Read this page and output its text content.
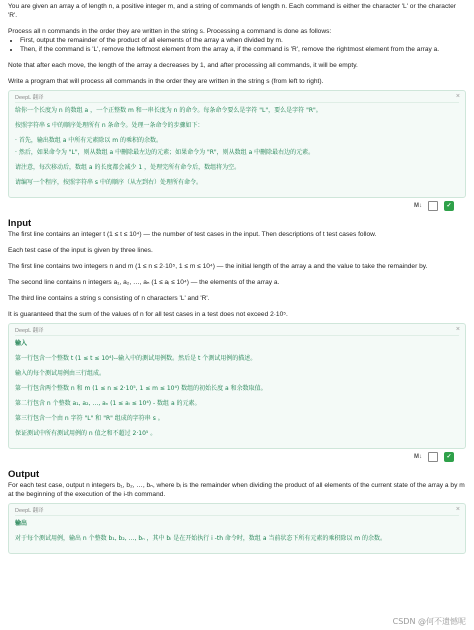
You are given an array a of length n, a positive integer m, and a string of commands of length n. Each command is either the character 'L' or the character 'R'.

Process all n commands in the order they are written in the string s. Processing a command is done as follows:

• First, output the remainder of the product of all elements of the array a when divided by m.
• Then, if the command is 'L', remove the leftmost element from the array a, if the command is 'R', remove the rightmost element from the array a.

Note that after each move, the length of the array a decreases by 1, and after processing all commands, it will be empty.

Write a program that will process all commands in the order they are written in the string s (from left to right).

DeepL 翻译	×
给你一个长度为 n 的数组 a ，一个正整数 m 和一串长度为 n 的命令。每条命令要么是字符 "L"，要么是字符 "R"。
按照字符串 s 中的顺序处理所有 n 条命令。处理一条命令的步骤如下：
· 首先，输出数组 a 中所有元素除以 m 的乘积的余数。
· 然后，如果命令为 "L"，则从数组 a 中删除最左边的元素；如果命令为 "R"，则从数组 a 中删除最右边的元素。
请注意，每次移动后，数组 a 的长度都会减少 1 ，处理完所有命令后，数组将为空。
请编写一个程序，按照字符串 s 中的顺序（从左到右）处理所有命令。
M↓	✓
Input

The first line contains an integer t (1 ≤ t ≤ 10⁴) — the number of test cases in the input. Then descriptions of t test cases follow.

Each test case of the input is given by three lines.

The first line contains two integers n and m (1 ≤ n ≤ 2·10⁵, 1 ≤ m ≤ 10⁴) — the initial length of the array a and the value to take the remainder by.

The second line contains n integers a₁, a₂, …, aₙ (1 ≤ aᵢ ≤ 10⁴) — the elements of the array a.

The third line contains a string s consisting of n characters 'L' and 'R'.

It is guaranteed that the sum of the values of n for all test cases in a test does not exceed 2·10⁵.

DeepL 翻译	×
输入
第一行包含一个整数 t (1 ≤ t ≤ 10⁴)--输入中的测试用例数。然后是 t 个测试用例的描述。
输入的每个测试用例由三行组成。
第一行包含两个整数 n 和 m (1 ≤ n ≤ 2·10⁵, 1 ≤ m ≤ 10⁴) 数组的初始长度 a 和余数取值。
第二行包含 n 个整数 a₁, a₂, …, aₙ (1 ≤ aᵢ ≤ 10⁴) - 数组 a 的元素。
第三行包含一个由 n 字符 "L" 和 "R" 组成的字符串 s 。
保证测试中所有测试用例的 n 值之和不超过 2·10⁵ 。
M↓	✓
Output

For each test case, output n integers b₁, b₂, …, bₙ, where bᵢ is the remainder when dividing the product of all elements of the current state of the array a by m at the beginning of the execution of the i-th command.

DeepL 翻译	×
输出
对于每个测试用例，输出 n 个整数 b₁, b₂, …, bₙ ，其中 bᵢ 是在开始执行 i -th 命令时，数组 a 当前状态下所有元素的乘积除以 m 的余数。
CSDN @何不遗憾呢
